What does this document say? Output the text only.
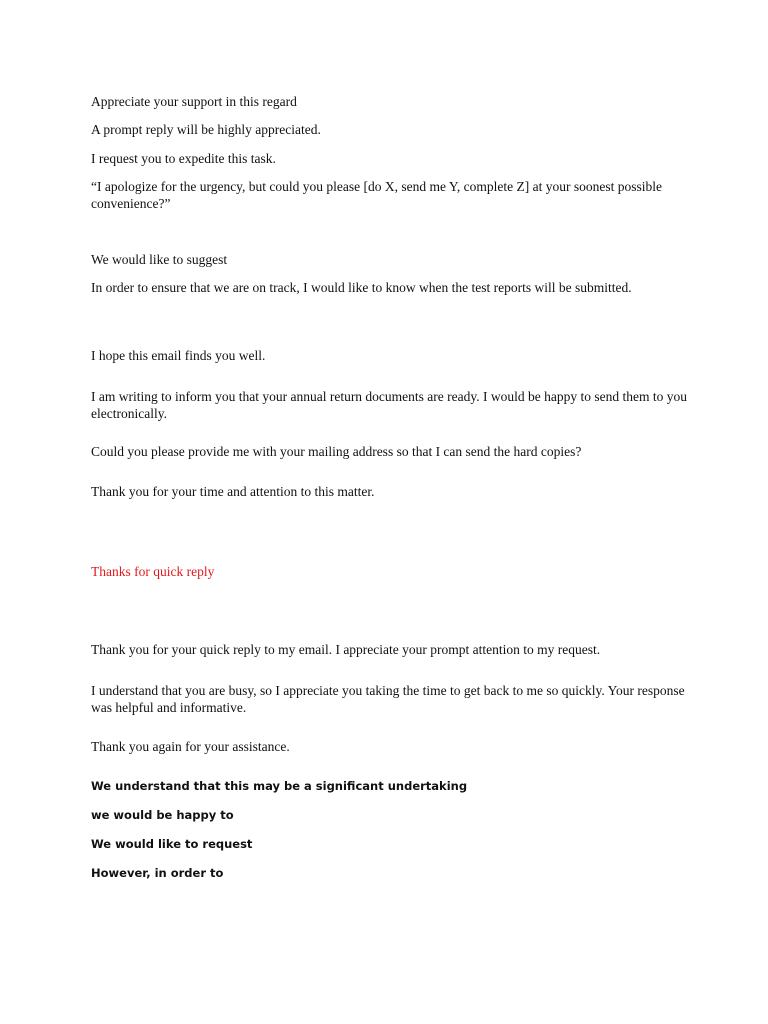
Appreciate your support in this regard

A prompt reply will be highly appreciated.

I request you to expedite this task.

“I apologize for the urgency, but could you please [do X, send me Y, complete Z] at your soonest possible convenience?”

We would like to suggest

In order to ensure that we are on track, I would like to know when the test reports will be submitted.

I hope this email finds you well.

I am writing to inform you that your annual return documents are ready. I would be happy to send them to you electronically.

Could you please provide me with your mailing address so that I can send the hard copies?

Thank you for your time and attention to this matter.

Thanks for quick reply

Thank you for your quick reply to my email. I appreciate your prompt attention to my request.

I understand that you are busy, so I appreciate you taking the time to get back to me so quickly. Your response was helpful and informative.

Thank you again for your assistance.

We understand that this may be a significant undertaking

we would be happy to

We would like to request

However, in order to
